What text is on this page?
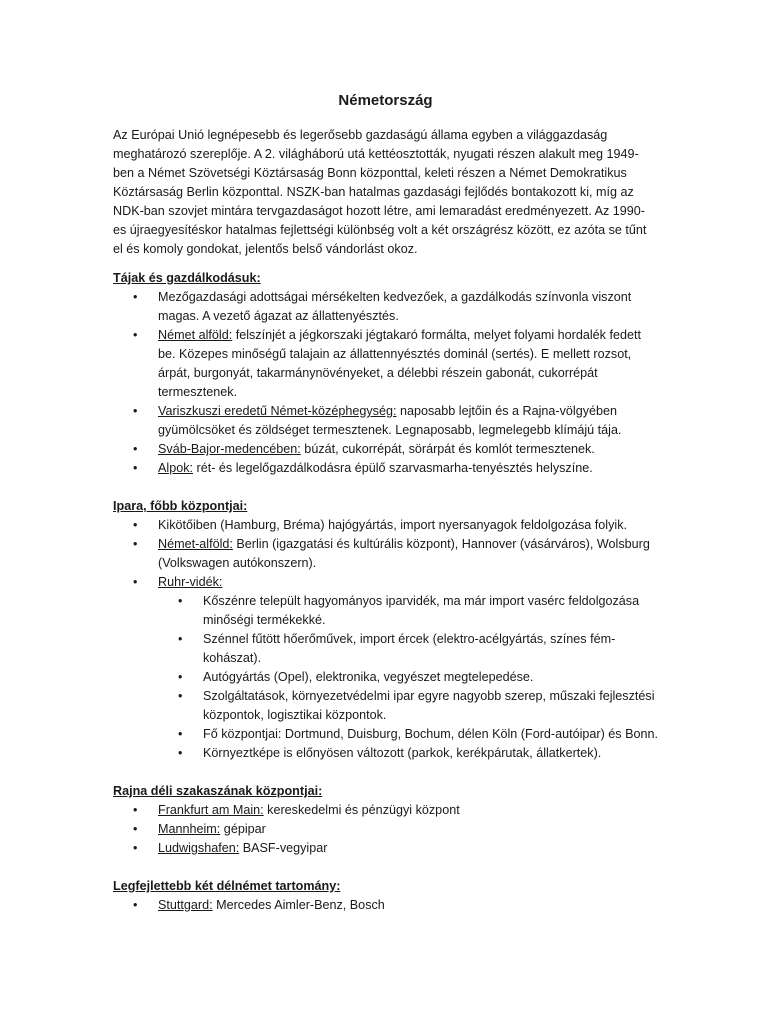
Németország

Az Európai Unió legnépesebb és legerősebb gazdaságú állama egyben a világgazdaság meghatározó szereplője. A 2. világháború utá kettéosztották, nyugati részen alakult meg 1949-ben a Német Szövetségi Köztársaság Bonn központtal, keleti részen a Német Demokratikus Köztársaság Berlin központtal. NSZK-ban hatalmas gazdasági fejlődés bontakozott ki, míg az NDK-ban szovjet mintára tervgazdaságot hozott létre, ami lemaradást eredményezett. Az 1990-es újraegyesítéskor hatalmas fejlettségi különbség volt a két országrész között, ez azóta se tűnt el és komoly gondokat, jelentős belső vándorlást okoz.

Tájak és gazdálkodásuk:

• Mezőgazdasági adottságai mérsékelten kedvezőek, a gazdálkodás színvonla viszont magas. A vezető ágazat az állattenyésztés.
• Német alföld: felszínjét a jégkorszaki jégtakaró formálta, melyet folyami hordalék fedett be. Közepes minőségű talajain az állattennyésztés dominál (sertés). E mellett rozsot, árpát, burgonyát, takarmánynövényeket, a délebbi részein gabonát, cukorrépát termesztenek.
• Variszkuszi eredetű Német-középhegység: naposabb lejtőin és a Rajna-völgyében gyümölcsöket és zöldséget termesztenek. Legnaposabb, legmelegebb klímájú tája.
• Sváb-Bajor-medencében: búzát, cukorrépát, sörárpát és komlót termesztenek.
• Alpok: rét- és legelőgazdálkodásra épülő szarvasmarha-tenyésztés helyszíne.

Ipara, főbb központjai:

• Kikötőiben (Hamburg, Bréma) hajógyártás, import nyersanyagok feldolgozása folyik.
• Német-alföld: Berlin (igazgatási és kultúrális központ), Hannover (vásárváros), Wolsburg (Volkswagen autókonszern).
• Ruhr-vidék:
• Kőszénre települt hagyományos iparvidék, ma már import vasérc feldolgozása minőségi termékekké.
• Szénnel fűtött hőerőművek, import ércek (elektro-acélgyártás, színes fém-kohászat).
• Autógyártás (Opel), elektronika, vegyészet megtelepedése.
• Szolgáltatások, környezetvédelmi ipar egyre nagyobb szerep, műszaki fejlesztési központok, logisztikai központok.
• Fő központjai: Dortmund, Duisburg, Bochum, délen Köln (Ford-autóipar) és Bonn.
• Környeztképe is előnyösen változott (parkok, kerékpárutak, állatkertek).

Rajna déli szakaszának központjai:

• Frankfurt am Main: kereskedelmi és pénzügyi központ
• Mannheim: gépipar
• Ludwigshafen: BASF-vegyipar

Legfejlettebb két délnémet tartomány:

• Stuttgard: Mercedes Aimler-Benz, Bosch
